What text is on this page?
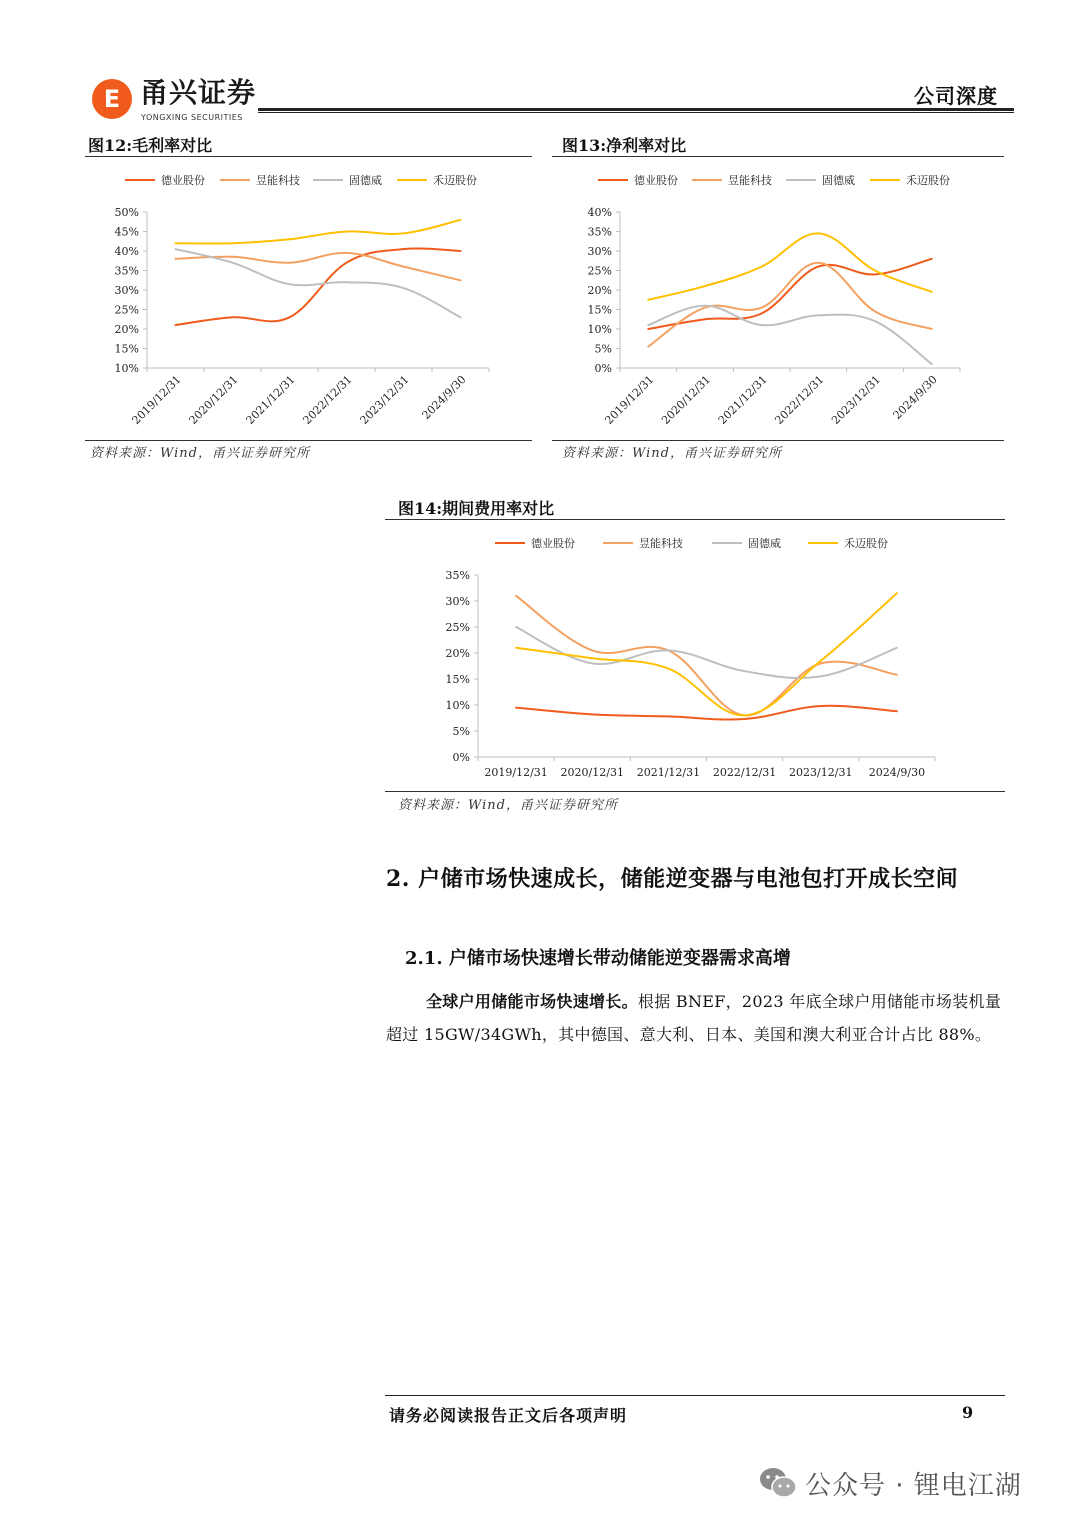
E 甬兴证券
YONGXING SECURITIES
公司深度
图12:毛利率对比
10%
15%
20%
25%
30%
35%
40%
45%
50%
2019/12/31 2020/12/31 2021/12/31 2022/12/31 2023/12/31 2024/9/30
德业股份	昱能科技	固德威	禾迈股份
资料来源：Wind，甬兴证券研究所
图13:净利率对比
0%
5%
10%
15%
20%
25%
30%
35%
40%
2019/12/31 2020/12/31 2021/12/31 2022/12/31 2023/12/31 2024/9/30
德业股份	昱能科技	固德威	禾迈股份
资料来源：Wind，甬兴证券研究所
图14:期间费用率对比
0%
5%
10%
15%
20%
25%
30%
35%
2019/12/31 2020/12/31 2021/12/31 2022/12/31 2023/12/31 2024/9/30
德业股份	昱能科技	固德威	禾迈股份
资料来源：Wind，甬兴证券研究所
2. 户储市场快速成长，储能逆变器与电池包打开成长空间
2.1. 户储市场快速增长带动储能逆变器需求高增
全球户用储能市场快速增长。根据 BNEF，2023 年底全球户用储能市场装机量超过 15GW/34GWh，其中德国、意大利、日本、美国和澳大利亚合计占比 88%。
请务必阅读报告正文后各项声明	9
公众号 · 锂电江湖
